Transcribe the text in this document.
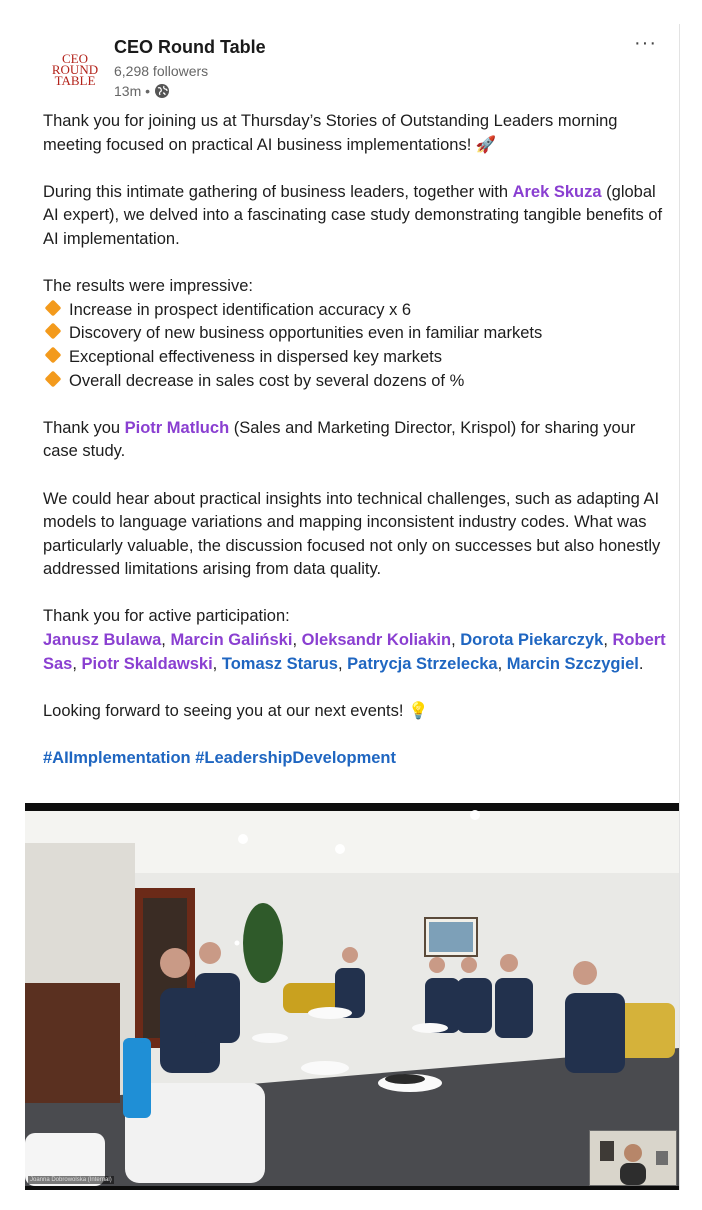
CEO
ROUND
TABLE
CEO Round Table
6,298 followers
13m •
···

Thank you for joining us at Thursday’s Stories of Outstanding Leaders morning
meeting focused on practical AI business implementations! 🚀

During this intimate gathering of business leaders, together with Arek Skuza (global AI expert), we delved into a fascinating case study demonstrating tangible benefits of AI implementation.

The results were impressive:
Increase in prospect identification accuracy x 6
Discovery of new business opportunities even in familiar markets
Exceptional effectiveness in dispersed key markets
Overall decrease in sales cost by several dozens of %

Thank you Piotr Matluch (Sales and Marketing Director, Krispol) for sharing your case study.

We could hear about practical insights into technical challenges, such as adapting AI models to language variations and mapping inconsistent industry codes. What was particularly valuable, the discussion focused not only on successes but also honestly addressed limitations arising from data quality.

Thank you for active participation:
Janusz Bulawa, Marcin Galiński, Oleksandr Koliakin, Dorota Piekarczyk, Robert Sas, Piotr Skaldawski, Tomasz Starus, Patrycja Strzelecka, Marcin Szczygiel.

Looking forward to seeing you at our next events! 💡

#AIImplementation #LeadershipDevelopment

Joanna Dobrowolska (Internal)
